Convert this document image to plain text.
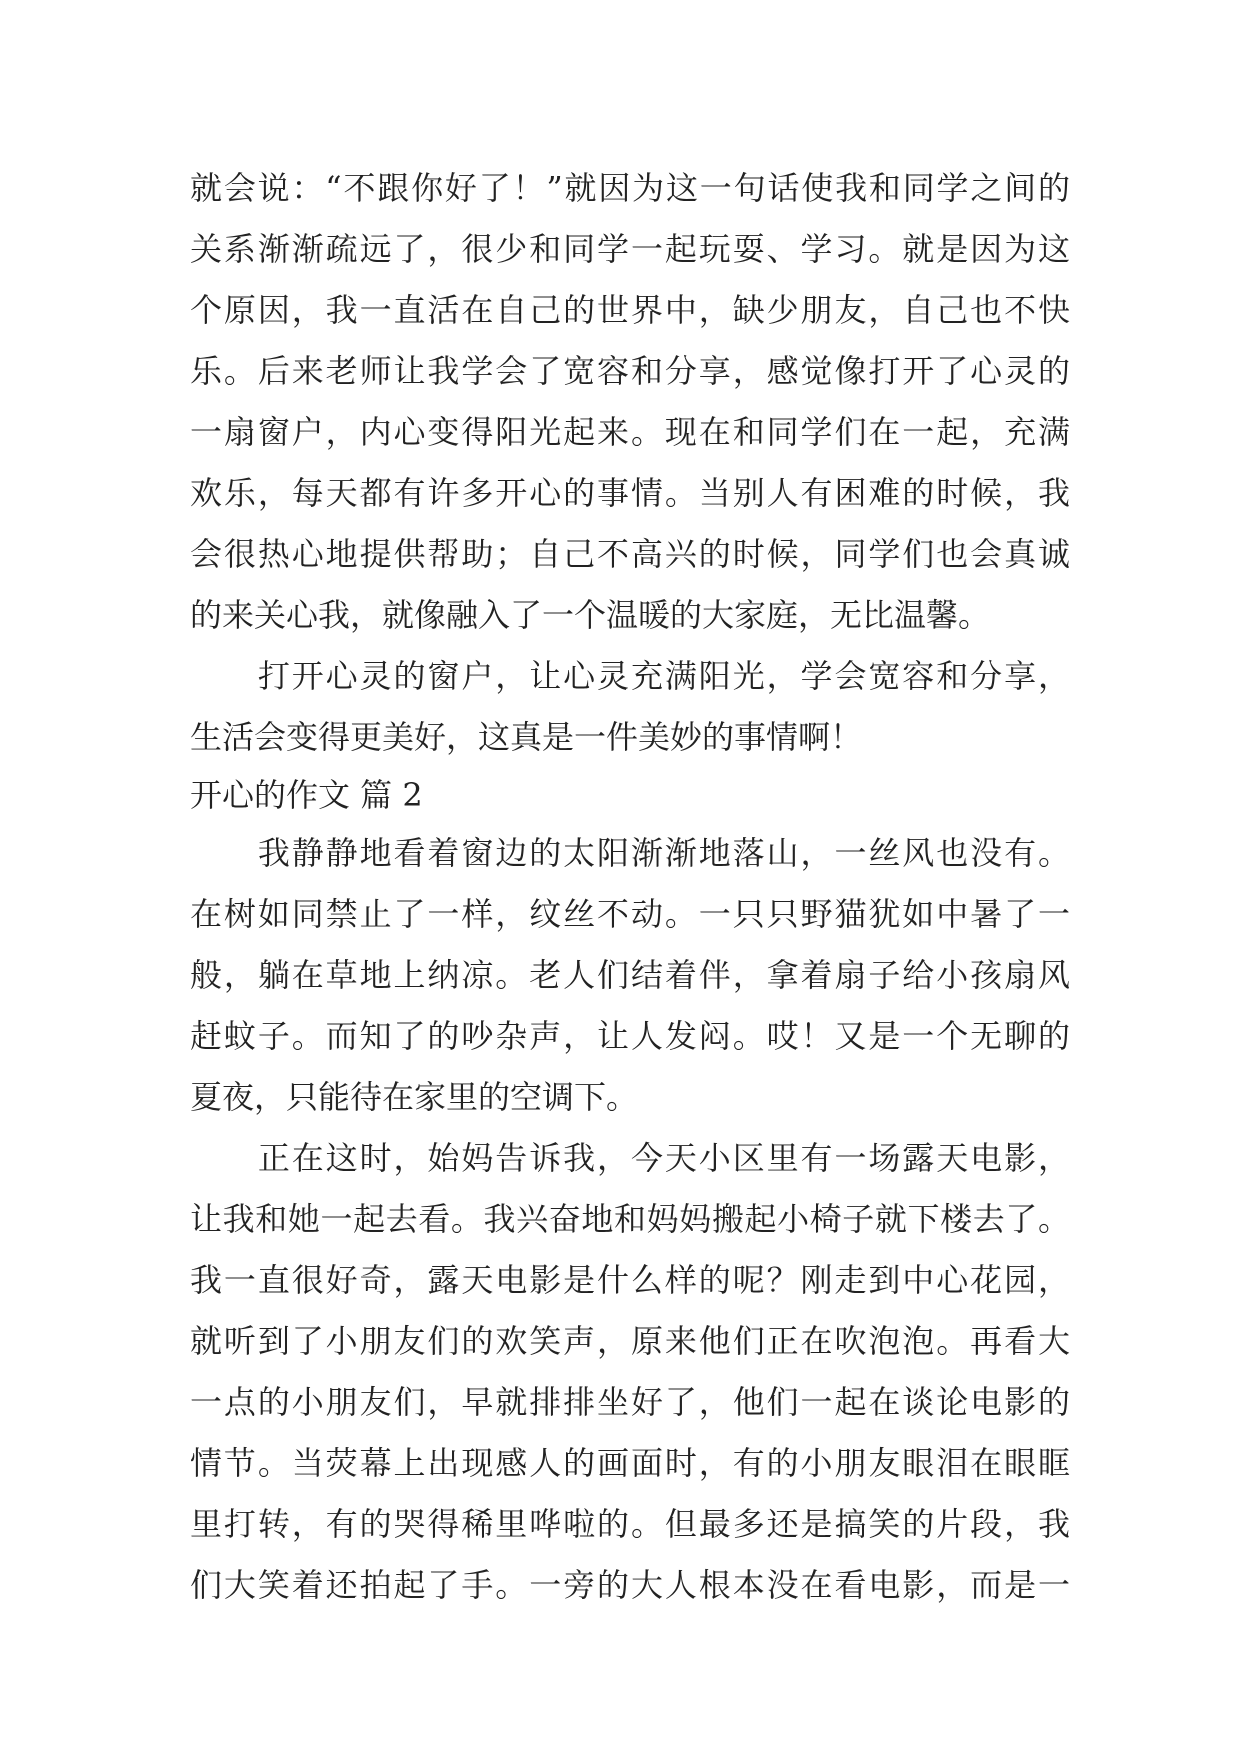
就会说：“不跟你好了！”就因为这一句话使我和同学之间的
关系渐渐疏远了，很少和同学一起玩耍、学习。就是因为这
个原因，我一直活在自己的世界中，缺少朋友，自己也不快
乐。后来老师让我学会了宽容和分享，感觉像打开了心灵的
一扇窗户，内心变得阳光起来。现在和同学们在一起，充满
欢乐，每天都有许多开心的事情。当别人有困难的时候，我
会很热心地提供帮助；自己不高兴的时候，同学们也会真诚
的来关心我，就像融入了一个温暖的大家庭，无比温馨。
　　打开心灵的窗户，让心灵充满阳光，学会宽容和分享，
生活会变得更美好，这真是一件美妙的事情啊！
开心的作文 篇 2
　　我静静地看着窗边的太阳渐渐地落山，一丝风也没有。
在树如同禁止了一样，纹丝不动。一只只野猫犹如中暑了一
般，躺在草地上纳凉。老人们结着伴，拿着扇子给小孩扇风
赶蚊子。而知了的吵杂声，让人发闷。哎！又是一个无聊的
夏夜，只能待在家里的空调下。
　　正在这时，始妈告诉我，今天小区里有一场露天电影，
让我和她一起去看。我兴奋地和妈妈搬起小椅子就下楼去了。
我一直很好奇，露天电影是什么样的呢？刚走到中心花园，
就听到了小朋友们的欢笑声，原来他们正在吹泡泡。再看大
一点的小朋友们，早就排排坐好了，他们一起在谈论电影的
情节。当荧幕上出现感人的画面时，有的小朋友眼泪在眼眶
里打转，有的哭得稀里哗啦的。但最多还是搞笑的片段，我
们大笑着还拍起了手。一旁的大人根本没在看电影，而是一
